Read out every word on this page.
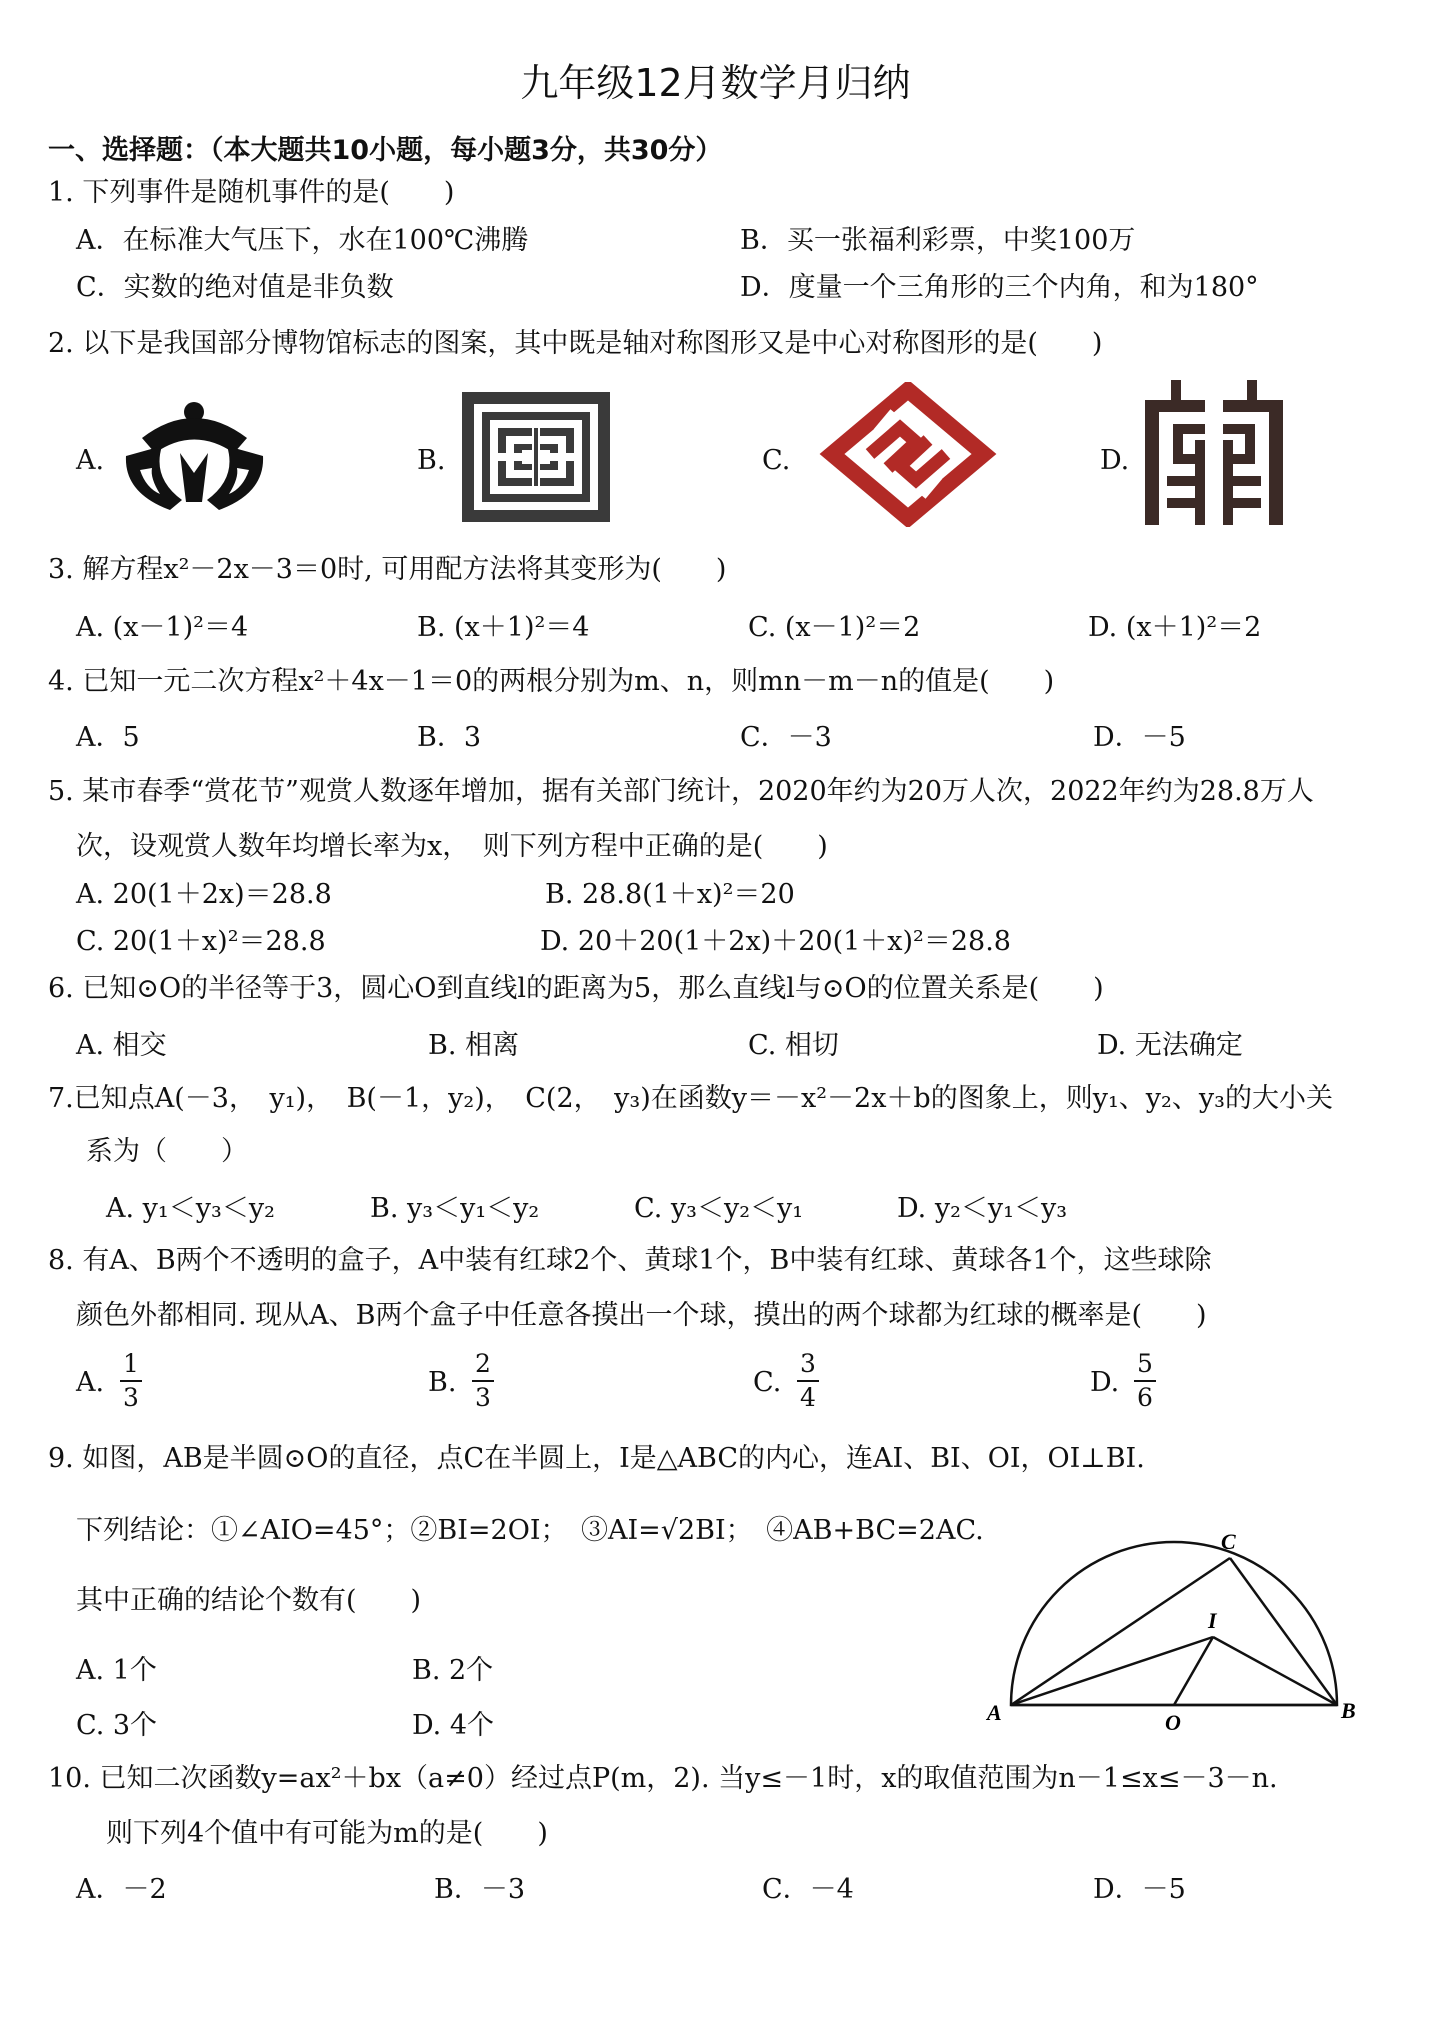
九年级12月数学月归纳
一、选择题：（本大题共10小题，每小题3分，共30分）
1. 下列事件是随机事件的是(　　)
A．在标准大气压下，水在100℃沸腾	B．买一张福利彩票，中奖100万
C．实数的绝对值是非负数	D．度量一个三角形的三个内角，和为180°
2. 以下是我国部分博物馆标志的图案，其中既是轴对称图形又是中心对称图形的是(　　)
A.	B.	C.	D.
3. 解方程x²－2x－3＝0时, 可用配方法将其变形为(　　)
A. (x－1)²＝4	B. (x＋1)²＝4	C. (x－1)²＝2	D. (x＋1)²＝2
4. 已知一元二次方程x²＋4x－1＝0的两根分别为m、n，则mn－m－n的值是(　　)
A．5	B．3	C．－3	D．－5
5. 某市春季“赏花节”观赏人数逐年增加，据有关部门统计，2020年约为20万人次，2022年约为28.8万人
次，设观赏人数年均增长率为x，　则下列方程中正确的是(　　)
A. 20(1＋2x)＝28.8	B. 28.8(1＋x)²＝20
C. 20(1＋x)²＝28.8	D. 20＋20(1＋2x)＋20(1＋x)²＝28.8
6. 已知⊙O的半径等于3，圆心O到直线l的距离为5，那么直线l与⊙O的位置关系是(　　)
A. 相交	B. 相离	C. 相切	D. 无法确定
7.已知点A(－3，　y₁)，　B(－1，y₂)，　C(2，　y₃)在函数y＝－x²－2x＋b的图象上，则y₁、y₂、y₃的大小关
系为（　　）
A. y₁＜y₃＜y₂	B. y₃＜y₁＜y₂	C. y₃＜y₂＜y₁	D. y₂＜y₁＜y₃
8. 有A、B两个不透明的盒子，A中装有红球2个、黄球1个，B中装有红球、黄球各1个，这些球除
颜色外都相同. 现从A、B两个盒子中任意各摸出一个球，摸出的两个球都为红球的概率是(　　)
A.
1
3	B.
2
3	C.
3
4	D.
5
6
9. 如图，AB是半圆⊙O的直径，点C在半圆上，I是△ABC的内心，连AI、BI、OI，OI⊥BI.
下列结论：①∠AIO=45°；②BI=2OI；　③AI=√2BI；　④AB+BC=2AC.
其中正确的结论个数有(　　)
A. 1个	B. 2个
C. 3个	D. 4个	A	B
C
O
I
10. 已知二次函数y=ax²＋bx（a≠0）经过点P(m，2). 当y≤－1时，x的取值范围为n－1≤x≤－3－n.
则下列4个值中有可能为m的是(　　)
A．－2	B．－3	C．－4	D．－5
